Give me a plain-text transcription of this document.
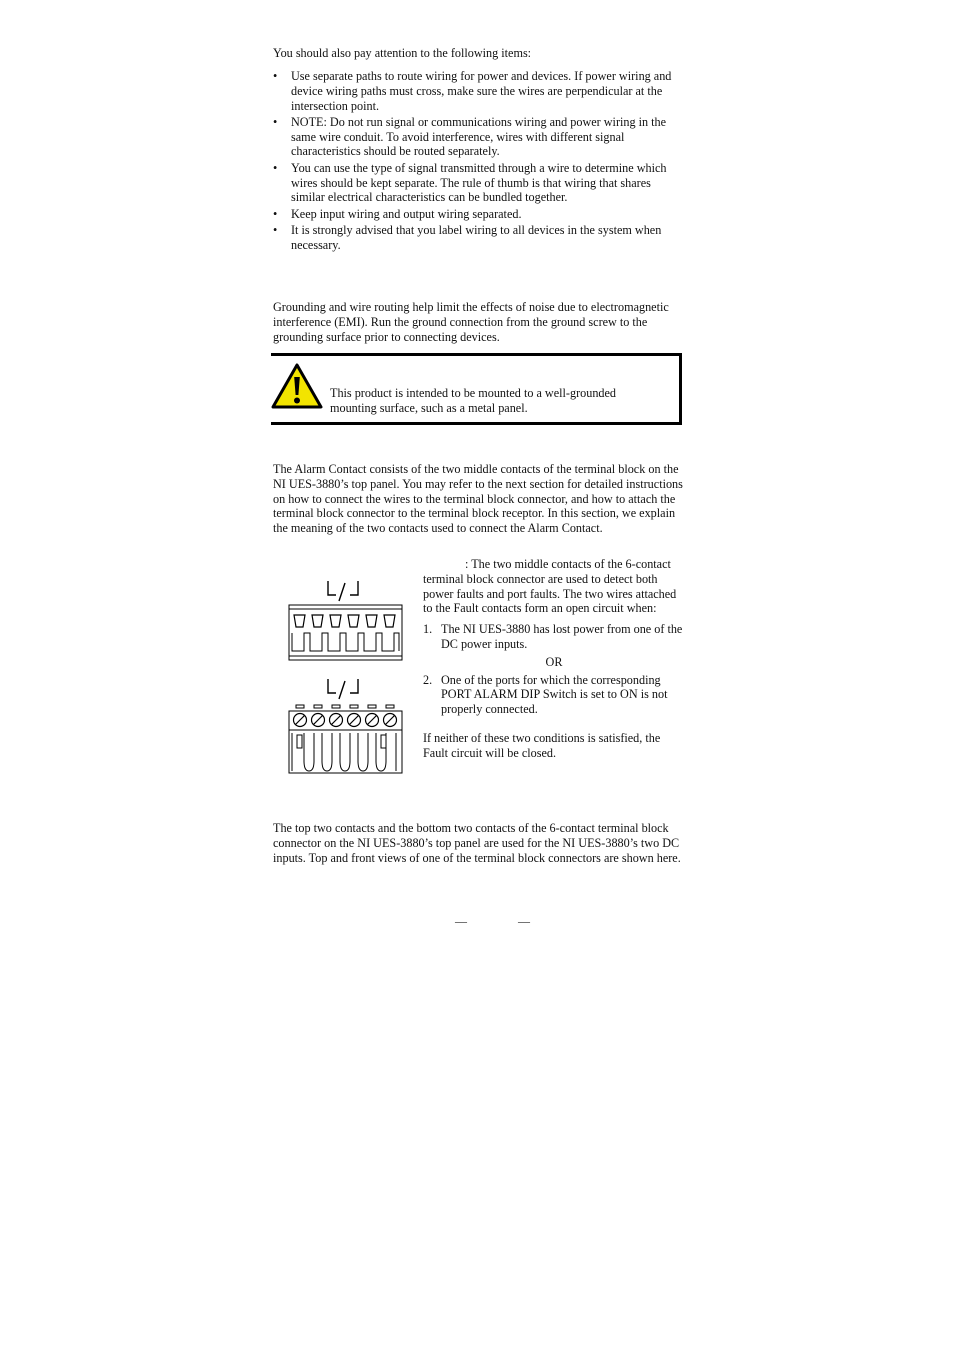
You should also pay attention to the following items:

• Use separate paths to route wiring for power and devices. If power wiring and device wiring paths must cross, make sure the wires are perpendicular at the intersection point.
• NOTE: Do not run signal or communications wiring and power wiring in the same wire conduit. To avoid interference, wires with different signal characteristics should be routed separately.
• You can use the type of signal transmitted through a wire to determine which wires should be kept separate. The rule of thumb is that wiring that shares similar electrical characteristics can be bundled together.
• Keep input wiring and output wiring separated.
• It is strongly advised that you label wiring to all devices in the system when necessary.

Grounding and wire routing help limit the effects of noise due to electromagnetic interference (EMI). Run the ground connection from the ground screw to the grounding surface prior to connecting devices.

This product is intended to be mounted to a well-grounded mounting surface, such as a metal panel.

The Alarm Contact consists of the two middle contacts of the terminal block on the NI UES-3880’s top panel. You may refer to the next section for detailed instructions on how to connect the wires to the terminal block connector, and how to attach the terminal block connector to the terminal block receptor. In this section, we explain the meaning of the two contacts used to connect the Alarm Contact.

: The two middle contacts of the 6-contact terminal block connector are used to detect both power faults and port faults. The two wires attached to the Fault contacts form an open circuit when:

1. The NI UES-3880 has lost power from one of the DC power inputs.

OR

2. One of the ports for which the corresponding PORT ALARM DIP Switch is set to ON is not properly connected.

If neither of these two conditions is satisfied, the Fault circuit will be closed.

The top two contacts and the bottom two contacts of the 6-contact terminal block connector on the NI UES-3880’s top panel are used for the NI UES-3880’s two DC inputs. Top and front views of one of the terminal block connectors are shown here.

— —
